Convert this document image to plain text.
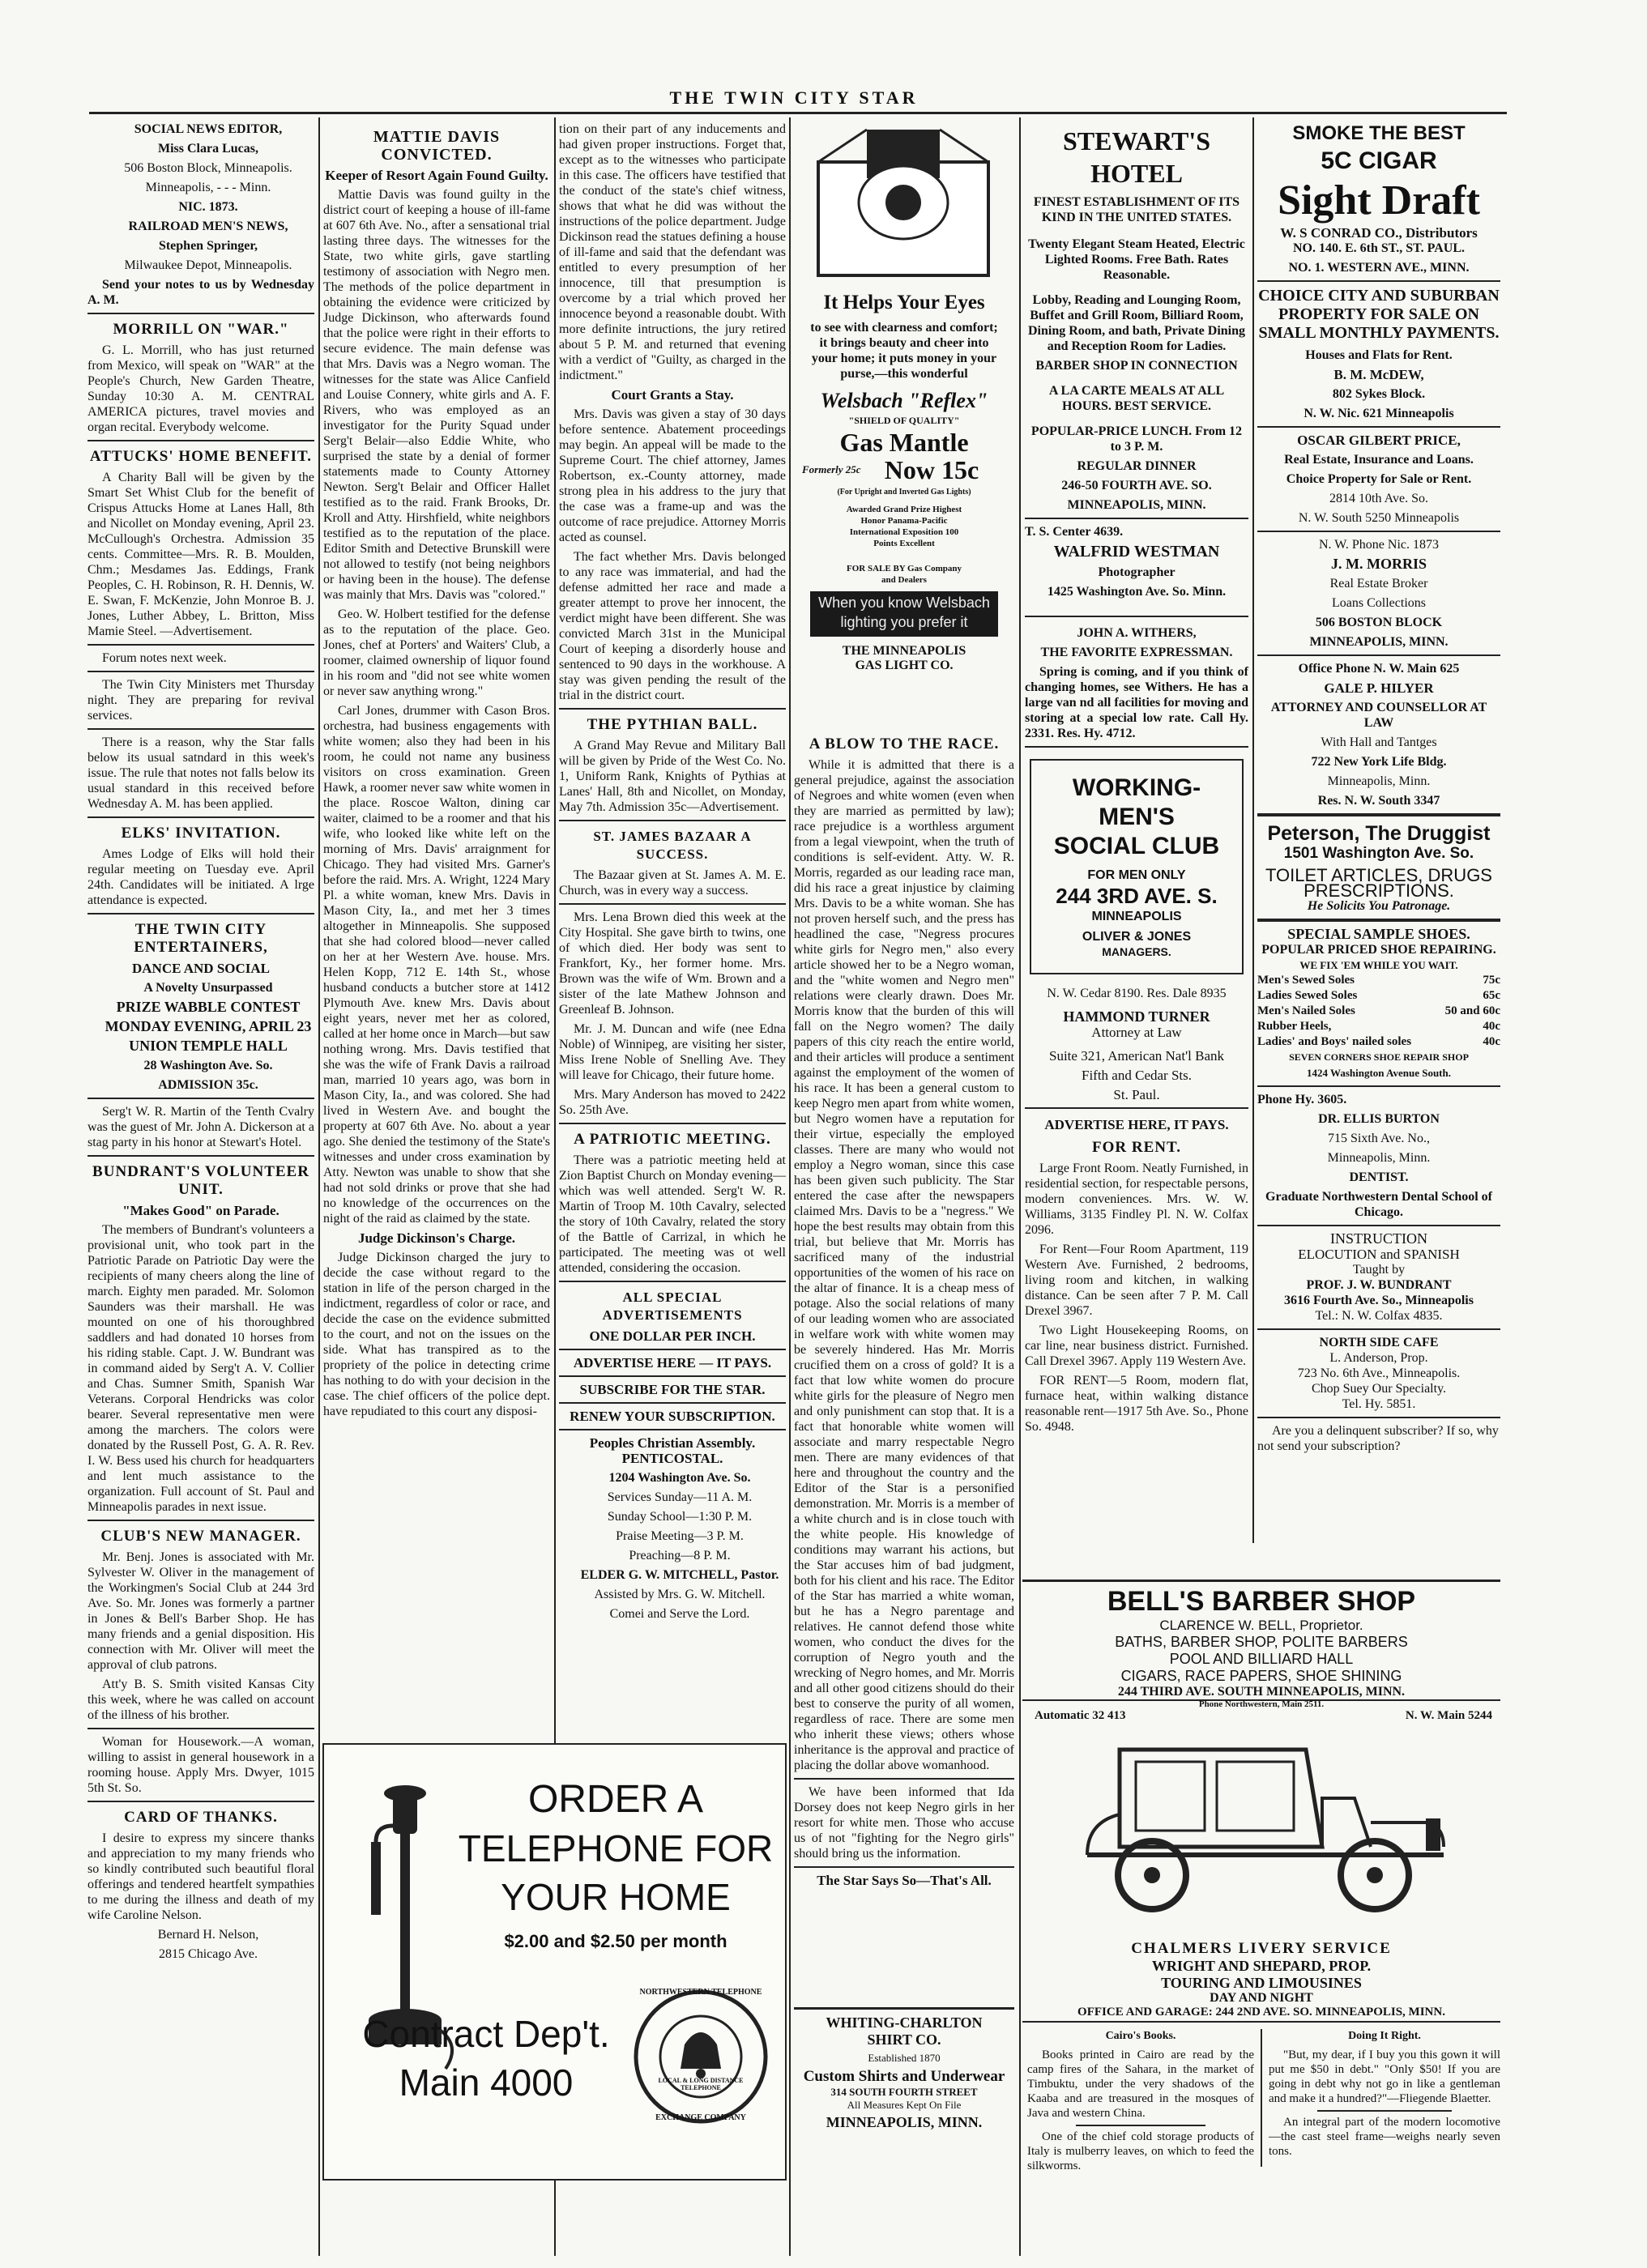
THE TWIN CITY STAR

SOCIAL NEWS EDITOR,

Miss Clara Lucas,

506 Boston Block, Minneapolis.

Minneapolis, - - - Minn.

NIC. 1873.

RAILROAD MEN'S NEWS,

Stephen Springer,

Milwaukee Depot, Minneapolis.

Send your notes to us by Wednesday A. M.

MORRILL ON "WAR."

G. L. Morrill, who has just returned from Mexico, will speak on "WAR" at the People's Church, New Garden Theatre, Sunday 10:30 A. M. CENTRAL AMERICA pictures, travel movies and organ recital. Everybody welcome.

ATTUCKS' HOME BENEFIT.

A Charity Ball will be given by the Smart Set Whist Club for the benefit of Crispus Attucks Home at Lanes Hall, 8th and Nicollet on Monday evening, April 23. McCullough's Orchestra. Admission 35 cents. Committee—Mrs. R. B. Moulden, Chm.; Mesdames Jas. Eddings, Frank Peoples, C. H. Robinson, R. H. Dennis, W. E. Swan, F. McKenzie, John Monroe B. J. Jones, Luther Abbey, L. Britton, Miss Mamie Steel. —Advertisement.

Forum notes next week.

The Twin City Ministers met Thursday night. They are preparing for revival services.

There is a reason, why the Star falls below its usual satndard in this week's issue. The rule that notes not falls below its usual standard in this received before Wednesday A. M. has been applied.

ELKS' INVITATION.

Ames Lodge of Elks will hold their regular meeting on Tuesday eve. April 24th. Candidates will be initiated. A lrge attendance is expected.

THE TWIN CITY ENTERTAINERS,
DANCE AND SOCIAL

A Novelty Unsurpassed

PRIZE WABBLE CONTEST

MONDAY EVENING, APRIL 23

UNION TEMPLE HALL

28 Washington Ave. So.

ADMISSION 35c.

Serg't W. R. Martin of the Tenth Cvalry was the guest of Mr. John A. Dickerson at a stag party in his honor at Stewart's Hotel.

BUNDRANT'S VOLUNTEER UNIT.
"Makes Good" on Parade.

The members of Bundrant's volunteers a provisional unit, who took part in the Patriotic Parade on Patriotic Day were the recipients of many cheers along the line of march. Eighty men paraded. Mr. Solomon Saunders was their marshall. He was mounted on one of his thoroughbred saddlers and had donated 10 horses from his riding stable. Capt. J. W. Bundrant was in command aided by Serg't A. V. Collier and Chas. Sumner Smith, Spanish War Veterans. Corporal Hendricks was color bearer. Several representative men were among the marchers. The colors were donated by the Russell Post, G. A. R. Rev. I. W. Bess used his church for headquarters and lent much assistance to the organization. Full account of St. Paul and Minneapolis parades in next issue.

CLUB'S NEW MANAGER.

Mr. Benj. Jones is associated with Mr. Sylvester W. Oliver in the management of the Workingmen's Social Club at 244 3rd Ave. So. Mr. Jones was formerly a partner in Jones & Bell's Barber Shop. He has many friends and a genial disposition. His connection with Mr. Oliver will meet the approval of club patrons.

Att'y B. S. Smith visited Kansas City this week, where he was called on account of the illness of his brother.

Woman for Housework.—A woman, willing to assist in general housework in a rooming house. Apply Mrs. Dwyer, 1015 5th St. So.

CARD OF THANKS.

I desire to express my sincere thanks and appreciation to my many friends who so kindly contributed such beautiful floral offerings and tendered heartfelt sympathies to me during the illness and death of my wife Caroline Nelson.

Bernard H. Nelson,

2815 Chicago Ave.

MATTIE DAVIS CONVICTED.
Keeper of Resort Again Found Guilty.

Mattie Davis was found guilty in the district court of keeping a house of ill-fame at 607 6th Ave. No., after a sensational trial lasting three days. The witnesses for the State, two white girls, gave startling testimony of association with Negro men. The methods of the police department in obtaining the evidence were criticized by Judge Dickinson, who afterwards found that the police were right in their efforts to secure evidence. The main defense was that Mrs. Davis was a Negro woman. The witnesses for the state was Alice Canfield and Louise Connery, white girls and A. F. Rivers, who was employed as an investigator for the Purity Squad under Serg't Belair—also Eddie White, who surprised the state by a denial of former statements made to County Attorney Newton. Serg't Belair and Officer Hallet testified as to the raid. Frank Brooks, Dr. Kroll and Atty. Hirshfield, white neighbors testified as to the reputation of the place. Editor Smith and Detective Brunskill were not allowed to testify (not being neighbors or having been in the house). The defense was mainly that Mrs. Davis was "colored."

Geo. W. Holbert testified for the defense as to the reputation of the place. Geo. Jones, chef at Porters' and Waiters' Club, a roomer, claimed ownership of liquor found in his room and "did not see white women or never saw anything wrong."

Carl Jones, drummer with Cason Bros. orchestra, had business engagements with white women; also they had been in his room, he could not name any business visitors on cross examination. Green Hawk, a roomer never saw white women in the place. Roscoe Walton, dining car waiter, claimed to be a roomer and that his wife, who looked like white left on the morning of Mrs. Davis' arraignment for Chicago. They had visited Mrs. Garner's before the raid. Mrs. A. Wright, 1224 Mary Pl. a white woman, knew Mrs. Davis in Mason City, Ia., and met her 3 times altogether in Minneapolis. She supposed that she had colored blood—never called on her at her Western Ave. house. Mrs. Helen Kopp, 712 E. 14th St., whose husband conducts a butcher store at 1412 Plymouth Ave. knew Mrs. Davis about eight years, never met her as colored, called at her home once in March—but saw nothing wrong. Mrs. Davis testified that she was the wife of Frank Davis a railroad man, married 10 years ago, was born in Mason City, Ia., and was colored. She had lived in Western Ave. and bought the property at 607 6th Ave. No. about a year ago. She denied the testimony of the State's witnesses and under cross examination by Atty. Newton was unable to show that she had not sold drinks or prove that she had no knowledge of the occurrences on the night of the raid as claimed by the state.

Judge Dickinson's Charge.

Judge Dickinson charged the jury to decide the case without regard to the station in life of the person charged in the indictment, regardless of color or race, and decide the case on the evidence submitted to the court, and not on the issues on the side. What has transpired as to the propriety of the police in detecting crime has nothing to do with your decision in the case. The chief officers of the police dept. have repudiated to this court any disposi-

tion on their part of any inducements and had given proper instructions. Forget that, except as to the witnesses who participate in this case. The officers have testified that the conduct of the state's chief witness, shows that what he did was without the instructions of the police department. Judge Dickinson read the statues defining a house of ill-fame and said that the defendant was entitled to every presumption of her innocence, till that presumption is overcome by a trial which proved her innocence beyond a reasonable doubt. With more definite intructions, the jury retired about 5 P. M. and returned that evening with a verdict of "Guilty, as charged in the indictment."

Court Grants a Stay.

Mrs. Davis was given a stay of 30 days before sentence. Abatement proceedings may begin. An appeal will be made to the Supreme Court. The chief attorney, James Robertson, ex.-County attorney, made strong plea in his address to the jury that the case was a frame-up and was the outcome of race prejudice. Attorney Morris acted as counsel.

The fact whether Mrs. Davis belonged to any race was immaterial, and had the defense admitted her race and made a greater attempt to prove her innocent, the verdict might have been different. She was convicted March 31st in the Municipal Court of keeping a disorderly house and sentenced to 90 days in the workhouse. A stay was given pending the result of the trial in the district court.

THE PYTHIAN BALL.

A Grand May Revue and Military Ball will be given by Pride of the West Co. No. 1, Uniform Rank, Knights of Pythias at Lanes' Hall, 8th and Nicollet, on Monday, May 7th. Admission 35c—Advertisement.

ST. JAMES BAZAAR A SUCCESS.

The Bazaar given at St. James A. M. E. Church, was in every way a success.

Mrs. Lena Brown died this week at the City Hospital. She gave birth to twins, one of which died. Her body was sent to Frankfort, Ky., her former home. Mrs. Brown was the wife of Wm. Brown and a sister of the late Mathew Johnson and Greenleaf B. Johnson.

Mr. J. M. Duncan and wife (nee Edna Noble) of Winnipeg, are visiting her sister, Miss Irene Noble of Snelling Ave. They will leave for Chicago, their future home.

Mrs. Mary Anderson has moved to 2422 So. 25th Ave.

A PATRIOTIC MEETING.

There was a patriotic meeting held at Zion Baptist Church on Monday evening—which was well attended. Serg't W. R. Martin of Troop M. 10th Cavalry, selected the story of 10th Cavalry, related the story of the Battle of Carrizal, in which he participated. The meeting was ot well attended, considering the occasion.

ALL SPECIAL ADVERTISEMENTS
ONE DOLLAR PER INCH.
ADVERTISE HERE — IT PAYS.
SUBSCRIBE FOR THE STAR.
RENEW YOUR SUBSCRIPTION.
Peoples Christian Assembly. PENTICOSTAL.

1204 Washington Ave. So.

Services Sunday—11 A. M.

Sunday School—1:30 P. M.

Praise Meeting—3 P. M.

Preaching—8 P. M.

ELDER G. W. MITCHELL, Pastor.

Assisted by Mrs. G. W. Mitchell.

Comei and Serve the Lord.

ORDER A
TELEPHONE FOR
YOUR HOME
$2.00 and $2.50 per month
Contract Dep't.
Main 4000
NORTHWESTERN TELEPHONE
LOCAL & LONG DISTANCE TELEPHONE
EXCHANGE COMPANY
It Helps Your Eyes
to see with clearness and comfort; it brings beauty and cheer into your home; it puts money in your purse,—this wonderful
Welsbach "Reflex"
"SHIELD OF QUALITY"
Gas Mantle
Formerly 25c Now 15c
(For Upright and Inverted Gas Lights)
Awarded Grand Prize Highest Honor Panama-Pacific International Exposition 100 Points Excellent
FOR SALE BY Gas Company and Dealers
When you know Welsbach
lighting you prefer it
THE MINNEAPOLIS
GAS LIGHT CO.
A BLOW TO THE RACE.

While it is admitted that there is a general prejudice, against the association of Negroes and white women (even when they are married as permitted by law); race prejudice is a worthless argument from a legal viewpoint, when the truth of conditions is self-evident. Atty. W. R. Morris, regarded as our leading race man, did his race a great injustice by claiming Mrs. Davis to be a white woman. She has not proven herself such, and the press has headlined the case, "Negress procures white girls for Negro men," also every article showed her to be a Negro woman, and the "white women and Negro men" relations were clearly drawn. Does Mr. Morris know that the burden of this will fall on the Negro women? The daily papers of this city reach the entire world, and their articles will produce a sentiment against the employment of the women of his race. It has been a general custom to keep Negro men apart from white women, but Negro women have a reputation for their virtue, especially the employed classes. There are many who would not employ a Negro woman, since this case has been given such publicity. The Star entered the case after the newspapers claimed Mrs. Davis to be a "negress." We hope the best results may obtain from this trial, but believe that Mr. Morris has sacrificed many of the industrial opportunities of the women of his race on the altar of finance. It is a cheap mess of potage. Also the social relations of many of our leading women who are associated in welfare work with white women may be severely hindered. Has Mr. Morris crucified them on a cross of gold? It is a fact that low white women do procure white girls for the pleasure of Negro men and only punishment can stop that. It is a fact that honorable white women will associate and marry respectable Negro men. There are many evidences of that here and throughout the country and the Editor of the Star is a personified demonstration. Mr. Morris is a member of a white church and is in close touch with the white people. His knowledge of conditions may warrant his actions, but the Star accuses him of bad judgment, both for his client and his race. The Editor of the Star has married a white woman, but he has a Negro parentage and relatives. He cannot defend those white women, who conduct the dives for the corruption of Negro youth and the wrecking of Negro homes, and Mr. Morris and all other good citizens should do their best to conserve the purity of all women, regardless of race. There are some men who inherit these views; others whose inheritance is the approval and practice of placing the dollar above womanhood.

We have been informed that Ida Dorsey does not keep Negro girls in her resort for white men. Those who accuse us of not "fighting for the Negro girls" should bring us the information.

The Star Says So—That's All.
WHITING-CHARLTON
SHIRT CO.
Established 1870
Custom Shirts and Underwear
314 SOUTH FOURTH STREET
All Measures Kept On File
MINNEAPOLIS, MINN.
STEWART'S HOTEL

FINEST ESTABLISHMENT OF ITS KIND IN THE UNITED STATES.

Twenty Elegant Steam Heated, Electric Lighted Rooms. Free Bath. Rates Reasonable.

Lobby, Reading and Lounging Room, Buffet and Grill Room, Billiard Room, Dining Room, and bath, Private Dining and Reception Room for Ladies.

BARBER SHOP IN CONNECTION

A LA CARTE MEALS AT ALL HOURS. BEST SERVICE.

POPULAR-PRICE LUNCH. From 12 to 3 P. M.

REGULAR DINNER

246-50 FOURTH AVE. SO.

MINNEAPOLIS, MINN.

T. S. Center 4639.

WALFRID WESTMAN

Photographer

1425 Washington Ave. So. Minn.

JOHN A. WITHERS,

THE FAVORITE EXPRESSMAN.

Spring is coming, and if you think of changing homes, see Withers. He has a large van nd all facilities for moving and storing at a special low rate. Call Hy. 2331. Res. Hy. 4712.

WORKING-MEN'S
SOCIAL CLUB
FOR MEN ONLY
244 3RD AVE. S.
MINNEAPOLIS
OLIVER & JONES
MANAGERS.

N. W. Cedar 8190. Res. Dale 8935

HAMMOND TURNER

Attorney at Law

Suite 321, American Nat'l Bank

Fifth and Cedar Sts.

St. Paul.

ADVERTISE HERE, IT PAYS.
FOR RENT.

Large Front Room. Neatly Furnished, in residential section, for respectable persons, modern conveniences. Mrs. W. W. Williams, 3135 Findley Pl. N. W. Colfax 2096.

For Rent—Four Room Apartment, 119 Western Ave. Furnished, 2 bedrooms, living room and kitchen, in walking distance. Can be seen after 7 P. M. Call Drexel 3967.

Two Light Housekeeping Rooms, on car line, near business district. Furnished. Call Drexel 3967. Apply 119 Western Ave.

FOR RENT—5 Room, modern flat, furnace heat, within walking distance reasonable rent—1917 5th Ave. So., Phone So. 4948.

SMOKE THE BEST
5C CIGAR
Sight Draft
W. S CONRAD CO., Distributors

NO. 140. E. 6th ST., ST. PAUL.

NO. 1. WESTERN AVE., MINN.

CHOICE CITY AND SUBURBAN PROPERTY FOR SALE ON SMALL MONTHLY PAYMENTS.

Houses and Flats for Rent.

B. M. McDEW,

802 Sykes Block.

N. W. Nic. 621 Minneapolis

OSCAR GILBERT PRICE,

Real Estate, Insurance and Loans.

Choice Property for Sale or Rent.

2814 10th Ave. So.

N. W. South 5250 Minneapolis

N. W. Phone Nic. 1873

J. M. MORRIS

Real Estate Broker

Loans Collections

506 BOSTON BLOCK

MINNEAPOLIS, MINN.

Office Phone N. W. Main 625

GALE P. HILYER

ATTORNEY AND COUNSELLOR AT LAW

With Hall and Tantges

722 New York Life Bldg.

Minneapolis, Minn.

Res. N. W. South 3347

Peterson, The Druggist
1501 Washington Ave. So.
TOILET ARTICLES, DRUGS
PRESCRIPTIONS.
He Solicits You Patronage.
SPECIAL SAMPLE SHOES.
POPULAR PRICED SHOE REPAIRING.
WE FIX 'EM WHILE YOU WAIT.
Men's Sewed Soles	75c
Ladies Sewed Soles	65c
Men's Nailed Soles	50 and 60c
Rubber Heels,	40c
Ladies' and Boys' nailed soles	40c
SEVEN CORNERS SHOE REPAIR SHOP
1424 Washington Avenue South.

Phone Hy. 3605.

DR. ELLIS BURTON

715 Sixth Ave. No.,

Minneapolis, Minn.

DENTIST.

Graduate Northwestern Dental School of Chicago.

INSTRUCTION
ELOCUTION and SPANISH
Taught by
PROF. J. W. BUNDRANT
3616 Fourth Ave. So., Minneapolis
Tel.: N. W. Colfax 4835.
NORTH SIDE CAFE
L. Anderson, Prop.
723 No. 6th Ave., Minneapolis.
Chop Suey Our Specialty.
Tel. Hy. 5851.

Are you a delinquent subscriber? If so, why not send your subscription?

BELL'S BARBER SHOP
CLARENCE W. BELL, Proprietor.
BATHS, BARBER SHOP, POLITE BARBERS
POOL AND BILLIARD HALL
CIGARS, RACE PAPERS, SHOE SHINING
244 THIRD AVE. SOUTH MINNEAPOLIS, MINN.
Phone Northwestern, Main 2511.
Automatic 32 413	N. W. Main 5244
CHALMERS LIVERY SERVICE
WRIGHT AND SHEPARD, PROP.
TOURING AND LIMOUSINES
DAY AND NIGHT
OFFICE AND GARAGE: 244 2ND AVE. SO. MINNEAPOLIS, MINN.
Cairo's Books.

Books printed in Cairo are read by the camp fires of the Sahara, in the market of Timbuktu, under the very shadows of the Kaaba and are treasured in the mosques of Java and western China.

One of the chief cold storage products of Italy is mulberry leaves, on which to feed the silkworms.

Doing It Right.

"But, my dear, if I buy you this gown it will put me $50 in debt." "Only $50! If you are going in debt why not go in like a gentleman and make it a hundred?"—Fliegende Blaetter.

An integral part of the modern locomotive—the cast steel frame—weighs nearly seven tons.
